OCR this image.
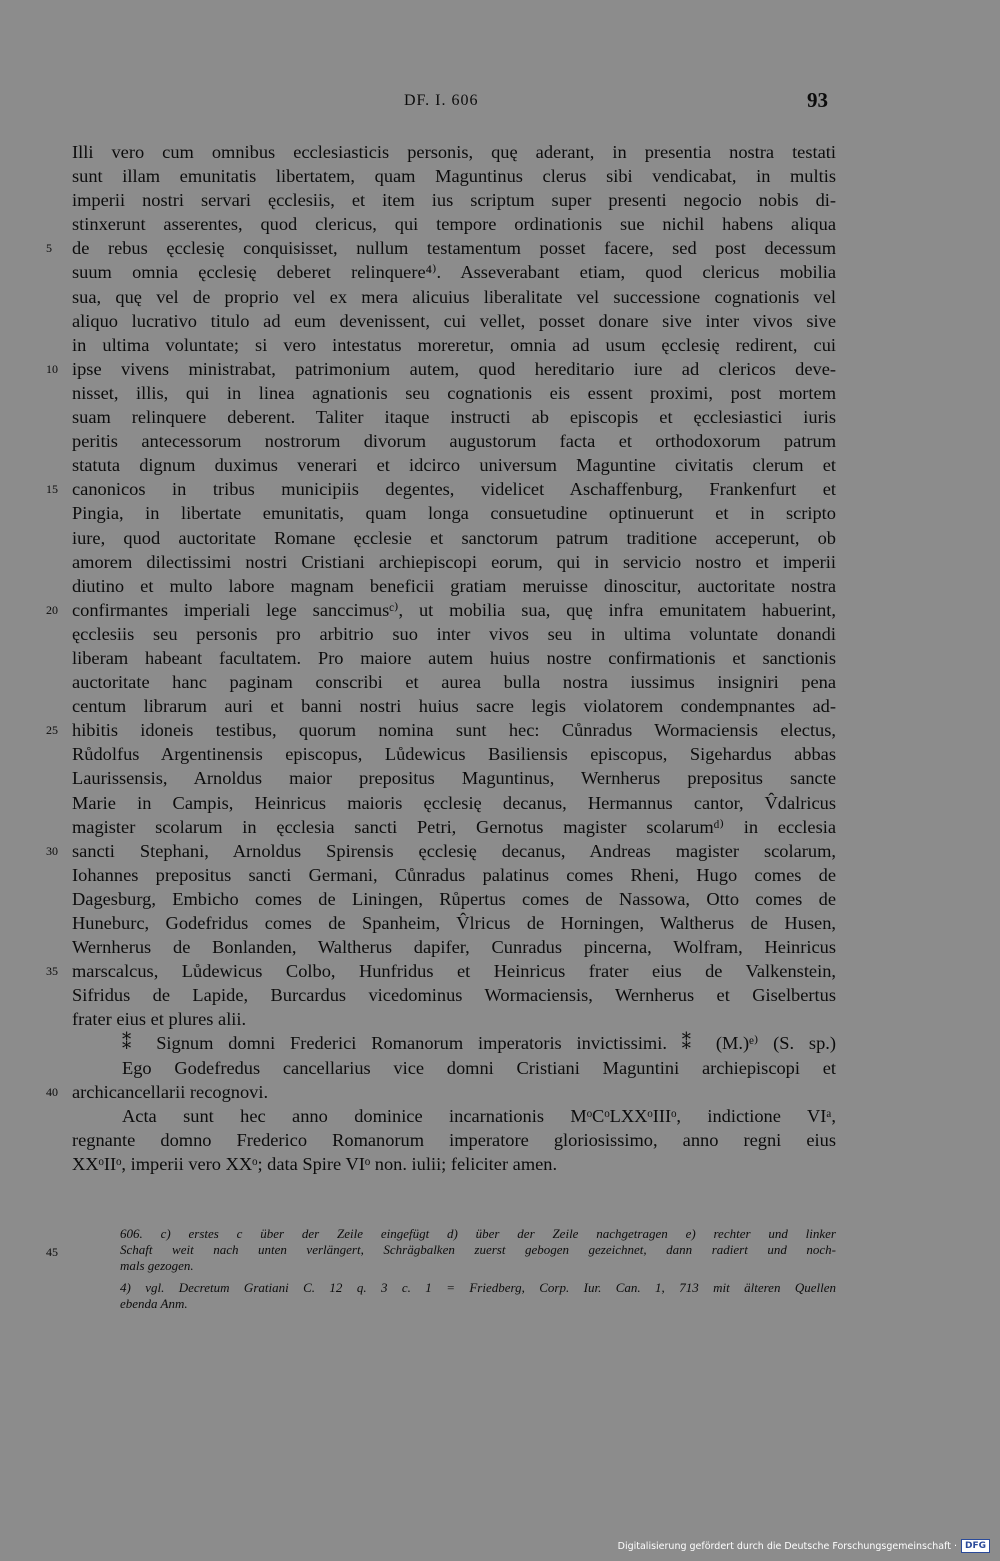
DF. I. 606	93
Illi vero cum omnibus ecclesiasticis personis, quę aderant, in presentia nostra testati
sunt illam emunitatis libertatem, quam Maguntinus clerus sibi vendicabat, in multis
imperii nostri servari ęcclesiis, et item ius scriptum super presenti negocio nobis di-
stinxerunt asserentes, quod clericus, qui tempore ordinationis sue nichil habens aliqua
5	de rebus ęcclesię conquisisset, nullum testamentum posset facere, sed post decessum
suum omnia ęcclesię deberet relinquere⁴⁾. Asseverabant etiam, quod clericus mobilia
sua, quę vel de proprio vel ex mera alicuius liberalitate vel successione cognationis vel
aliquo lucrativo titulo ad eum devenissent, cui vellet, posset donare sive inter vivos sive
in ultima voluntate; si vero intestatus moreretur, omnia ad usum ęcclesię redirent, cui
10 ipse vivens ministrabat, patrimonium autem, quod hereditario iure ad clericos deve-
nisset, illis, qui in linea agnationis seu cognationis eis essent proximi, post mortem
suam relinquere deberent. Taliter itaque instructi ab episcopis et ęcclesiastici iuris
peritis antecessorum nostrorum divorum augustorum facta et orthodoxorum patrum
statuta dignum duximus venerari et idcirco universum Maguntine civitatis clerum et
15 canonicos in tribus municipiis degentes, videlicet Aschaffenburg, Frankenfurt et
Pingia, in libertate emunitatis, quam longa consuetudine optinuerunt et in scripto
iure, quod auctoritate Romane ęcclesie et sanctorum patrum traditione acceperunt, ob
amorem dilectissimi nostri Cristiani archiepiscopi eorum, qui in servicio nostro et imperii
diutino et multo labore magnam beneficii gratiam meruisse dinoscitur, auctoritate nostra
20 confirmantes imperiali lege sanccimusᶜ⁾, ut mobilia sua, quę infra emunitatem habuerint,
ęcclesiis seu personis pro arbitrio suo inter vivos seu in ultima voluntate donandi
liberam habeant facultatem. Pro maiore autem huius nostre confirmationis et sanctionis
auctoritate hanc paginam conscribi et aurea bulla nostra iussimus insigniri pena
centum librarum auri et banni nostri huius sacre legis violatorem condempnantes ad-
25 hibitis idoneis testibus, quorum nomina sunt hec: Cůnradus Wormaciensis electus,
Růdolfus Argentinensis episcopus, Lůdewicus Basiliensis episcopus, Sigehardus abbas
Laurissensis, Arnoldus maior prepositus Maguntinus, Wernherus prepositus sancte
Marie in Campis, Heinricus maioris ęcclesię decanus, Hermannus cantor, V̂dalricus
magister scolarum in ęcclesia sancti Petri, Gernotus magister scolarumᵈ⁾ in ecclesia
30 sancti Stephani, Arnoldus Spirensis ęcclesię decanus, Andreas magister scolarum,
Iohannes prepositus sancti Germani, Cůnradus palatinus comes Rheni, Hugo comes de
Dagesburg, Embicho comes de Liningen, Růpertus comes de Nassowa, Otto comes de
Huneburc, Godefridus comes de Spanheim, V̂lricus de Horningen, Waltherus de Husen,
Wernherus de Bonlanden, Waltherus dapifer, Cunradus pincerna, Wolfram, Heinricus
35 marscalcus, Lůdewicus Colbo, Hunfridus et Heinricus frater eius de Valkenstein,
Sifridus de Lapide, Burcardus vicedominus Wormaciensis, Wernherus et Giselbertus
frater eius et plures alii.
⁑ Signum domni Frederici Romanorum imperatoris invictissimi. ⁑ (M.)ᵉ⁾ (S. sp.)
Ego Godefredus cancellarius vice domni Cristiani Maguntini archiepiscopi et
40 archicancellarii recognovi.
Acta sunt hec anno dominice incarnationis MᵒCᵒLXXᵒIIIᵒ, indictione VIᵃ,
regnante domno Frederico Romanorum imperatore gloriosissimo, anno regni eius
XXᵒIIᵒ, imperii vero XXᵒ; data Spire VIᵒ non. iulii; feliciter amen.
606. c) erstes c über der Zeile eingefügt d) über der Zeile nachgetragen e) rechter und linker
45	Schaft weit nach unten verlängert, Schrägbalken zuerst gebogen gezeichnet, dann radiert und noch-
mals gezogen.
4) vgl. Decretum Gratiani C. 12 q. 3 c. 1 = Friedberg, Corp. Iur. Can. 1, 713 mit älteren Quellen
ebenda Anm.
Digitalisierung gefördert durch die Deutsche Forschungsgemeinschaft · DFG
